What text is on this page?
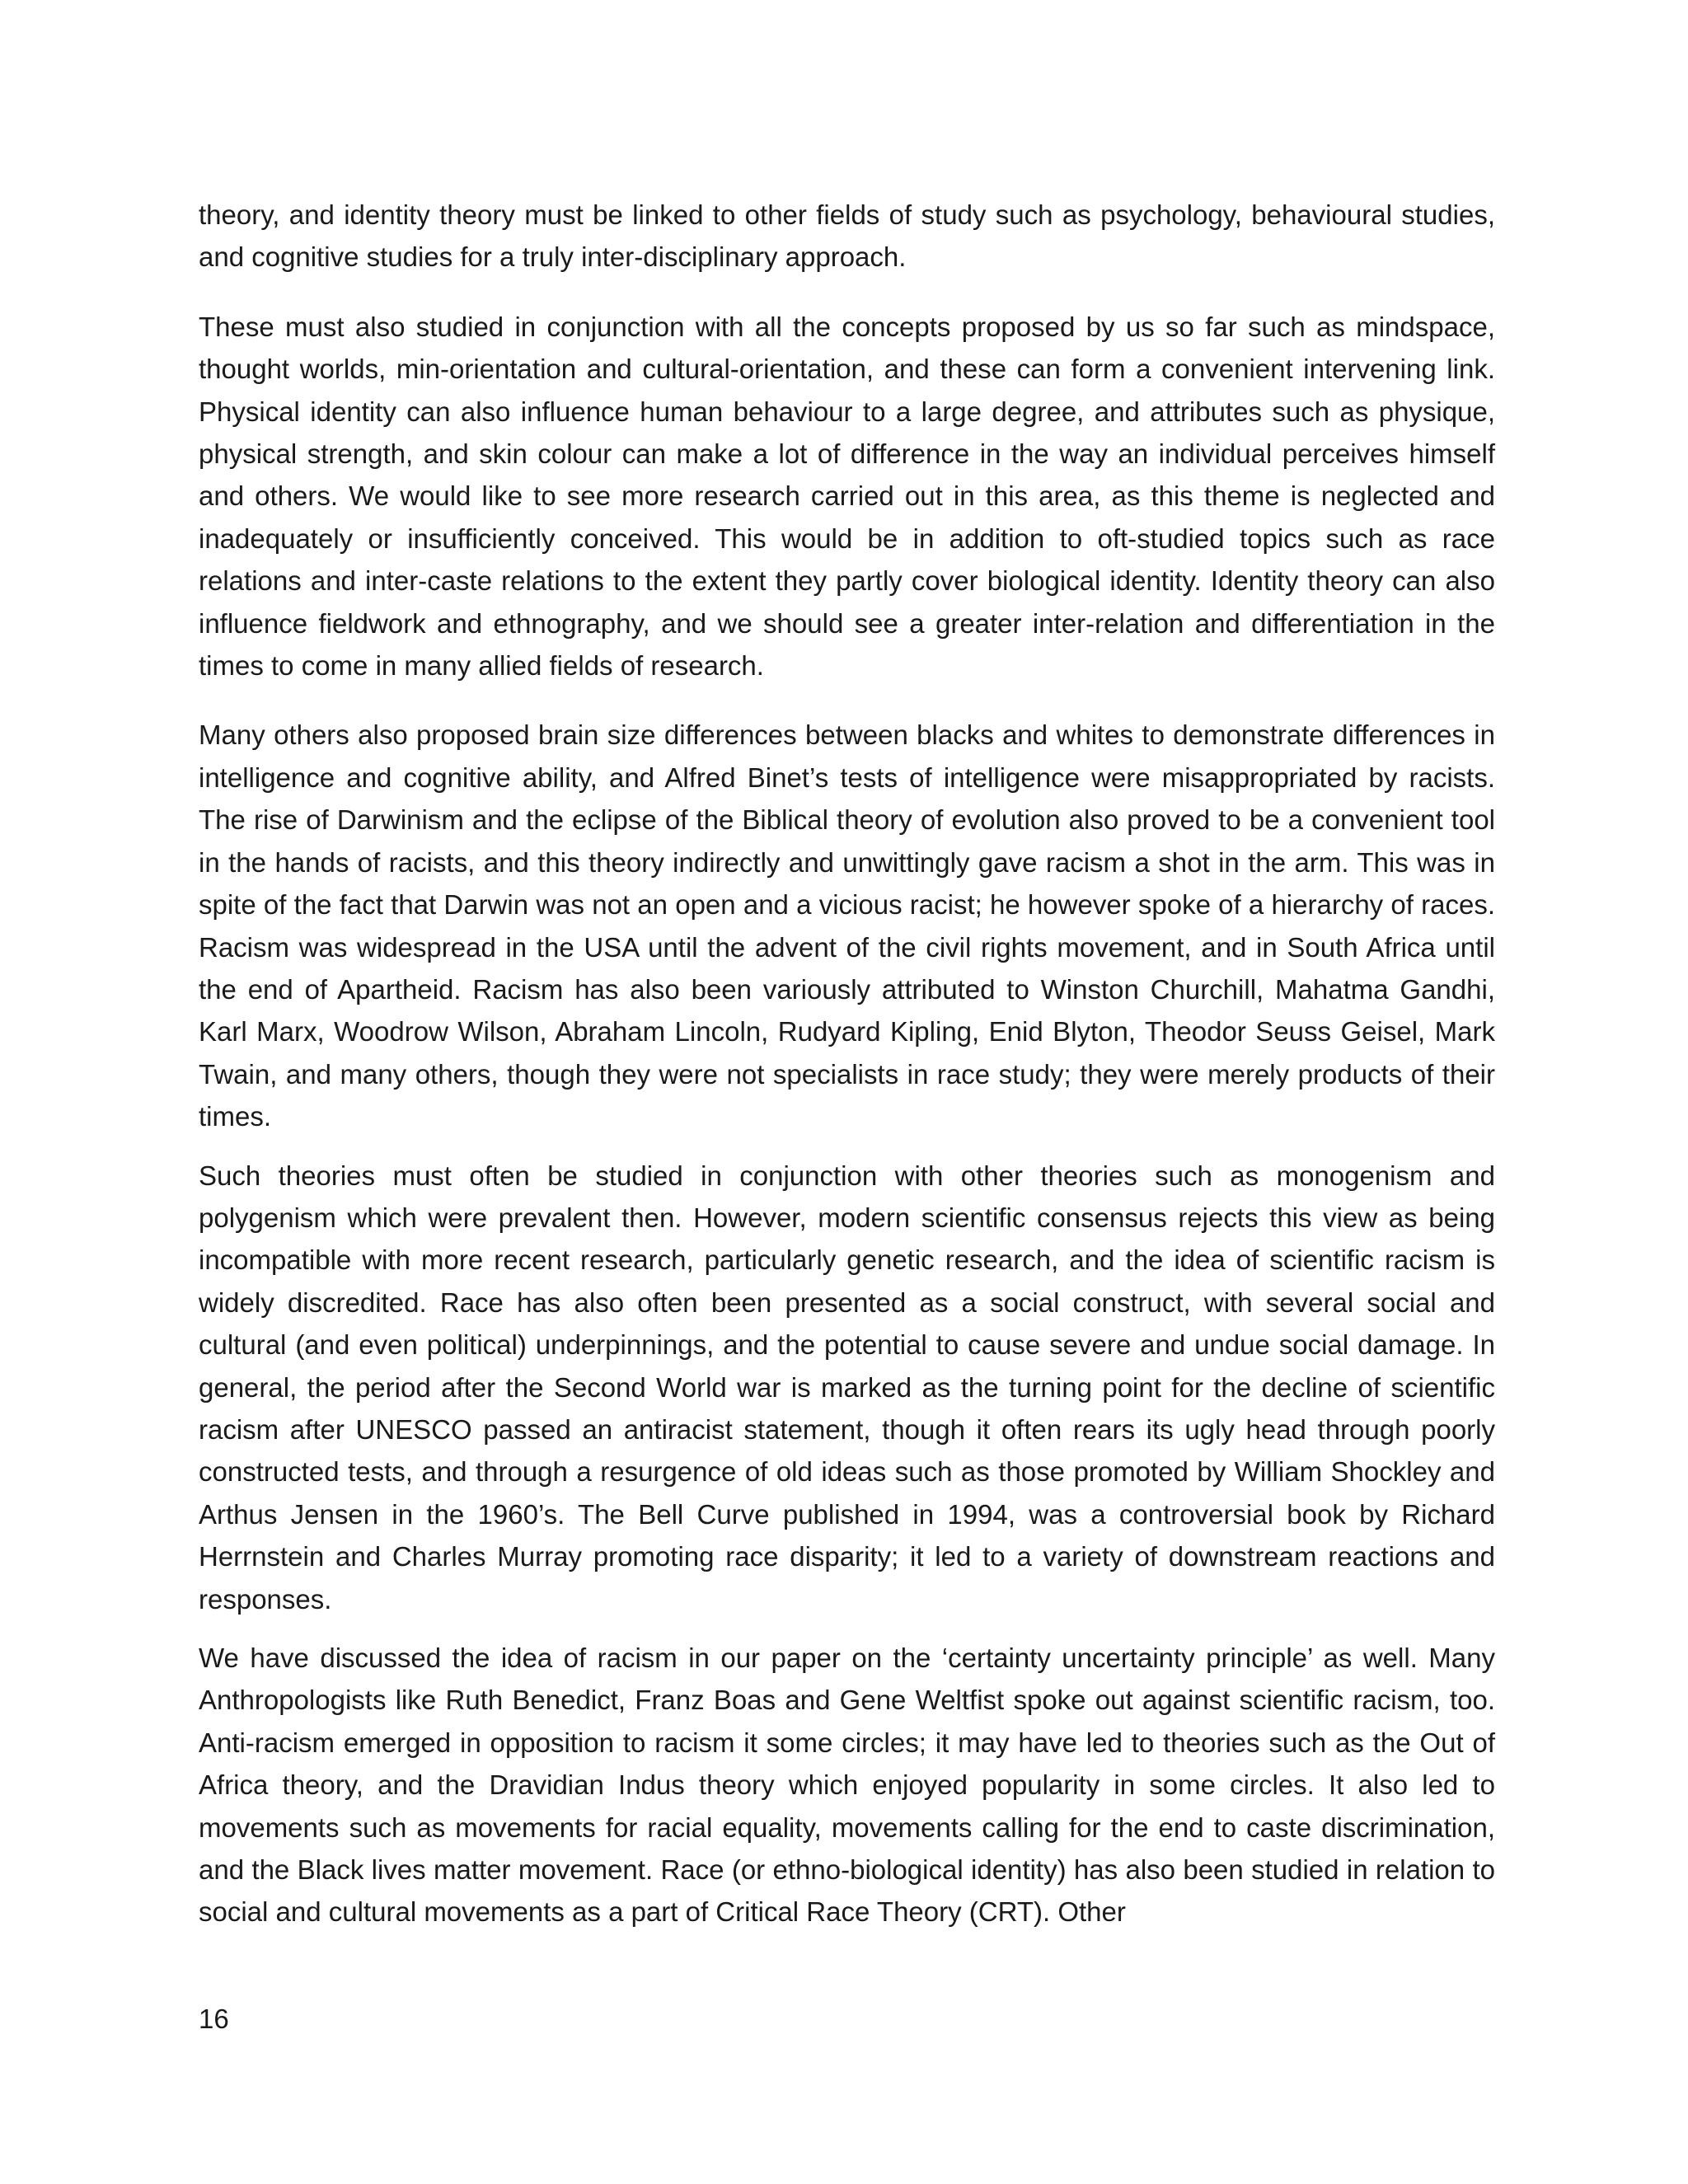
theory, and identity theory must be linked to other fields of study such as psychology, behavioural studies, and cognitive studies for a truly inter-disciplinary approach.

These must also studied in conjunction with all the concepts proposed by us so far such as mindspace, thought worlds, min-orientation and cultural-orientation, and these can form a convenient intervening link. Physical identity can also influence human behaviour to a large degree, and attributes such as physique, physical strength, and skin colour can make a lot of difference in the way an individual perceives himself and others. We would like to see more research carried out in this area, as this theme is neglected and inadequately or insufficiently conceived. This would be in addition to oft-studied topics such as race relations and inter-caste relations to the extent they partly cover biological identity. Identity theory can also influence fieldwork and ethnography, and we should see a greater inter-relation and differentiation in the times to come in many allied fields of research.

Many others also proposed brain size differences between blacks and whites to demonstrate differences in intelligence and cognitive ability, and Alfred Binet’s tests of intelligence were misappropriated by racists. The rise of Darwinism and the eclipse of the Biblical theory of evolution also proved to be a convenient tool in the hands of racists, and this theory indirectly and unwittingly gave racism a shot in the arm. This was in spite of the fact that Darwin was not an open and a vicious racist; he however spoke of a hierarchy of races. Racism was widespread in the USA until the advent of the civil rights movement, and in South Africa until the end of Apartheid. Racism has also been variously attributed to Winston Churchill, Mahatma Gandhi, Karl Marx, Woodrow Wilson, Abraham Lincoln, Rudyard Kipling, Enid Blyton, Theodor Seuss Geisel, Mark Twain, and many others, though they were not specialists in race study; they were merely products of their times.

Such theories must often be studied in conjunction with other theories such as monogenism and polygenism which were prevalent then. However, modern scientific consensus rejects this view as being incompatible with more recent research, particularly genetic research, and the idea of scientific racism is widely discredited. Race has also often been presented as a social construct, with several social and cultural (and even political) underpinnings, and the potential to cause severe and undue social damage. In general, the period after the Second World war is marked as the turning point for the decline of scientific racism after UNESCO passed an antiracist statement, though it often rears its ugly head through poorly constructed tests, and through a resurgence of old ideas such as those promoted by William Shockley and Arthus Jensen in the 1960’s. The Bell Curve published in 1994, was a controversial book by Richard Herrnstein and Charles Murray promoting race disparity; it led to a variety of downstream reactions and responses.

We have discussed the idea of racism in our paper on the ‘certainty uncertainty principle’ as well. Many Anthropologists like Ruth Benedict, Franz Boas and Gene Weltfist spoke out against scientific racism, too. Anti-racism emerged in opposition to racism it some circles; it may have led to theories such as the Out of Africa theory, and the Dravidian Indus theory which enjoyed popularity in some circles. It also led to movements such as movements for racial equality, movements calling for the end to caste discrimination, and the Black lives matter movement. Race (or ethno-biological identity) has also been studied in relation to social and cultural movements as a part of Critical Race Theory (CRT). Other

16
